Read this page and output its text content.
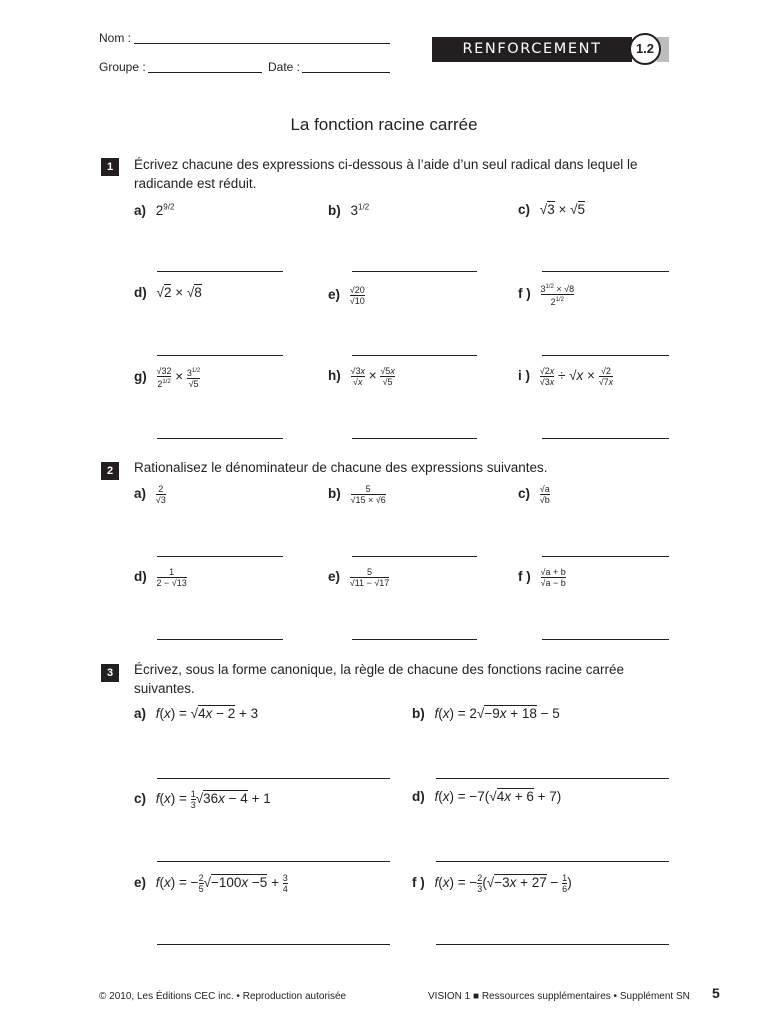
Nom :
Groupe :	Date :
RENFORCEMENT	1.2
La fonction racine carrée
1	Écrivez chacune des expressions ci-dessous à l’aide d’un seul radical dans lequel le radicande est réduit.
a) $2^{9/2}$	b) $3^{1/2}$	c) √3 × √5
d) √2 × √8	$e) \frac{√20}{√10}$	f ) $\frac{3^{1/2} \times √8}{2^{1/2}}$
$g) \frac{√32}{2^{1/2}} \times \frac{3^{1/2}}{√5}$	$h) \frac{√3x}{√x} \times \frac{√5x}{√5}$	i ) $\frac{√2x}{√3x} \div √x \times \frac{√2}{√7x}$
2	Rationalisez le dénominateur de chacune des expressions suivantes.
$a) \frac{2}{√3}$	$b) \frac{5}{√15 \times √6}$	$c) \frac{√a}{√b}$
$d) \frac{1}{2 - √13}$	$e) \frac{5}{√11 - √17}$	f ) $\frac{√a + b}{√a - b}$
3	Écrivez, sous la forme canonique, la règle de chacune des fonctions racine carrée suivantes.
a) f(x) = √4x − 2 + 3	b) f(x) = 2√−9x + 18 − 5
c) $f(x) = \frac{1}{3} √36x - 4 + 1$	d) f(x) = −7(√4x + 6 + 7)
e) f(x) = − $\frac{2}{5} √-100x -5 + \frac{3}{4}$	f ) f(x) = − $\frac{2}{3} (√-3x + 27 - \frac{1}{6}$ )
© 2010, Les Éditions CEC inc. • Reproduction autorisée	VISION 1 ■ Ressources supplémentaires • Supplément SN 5
